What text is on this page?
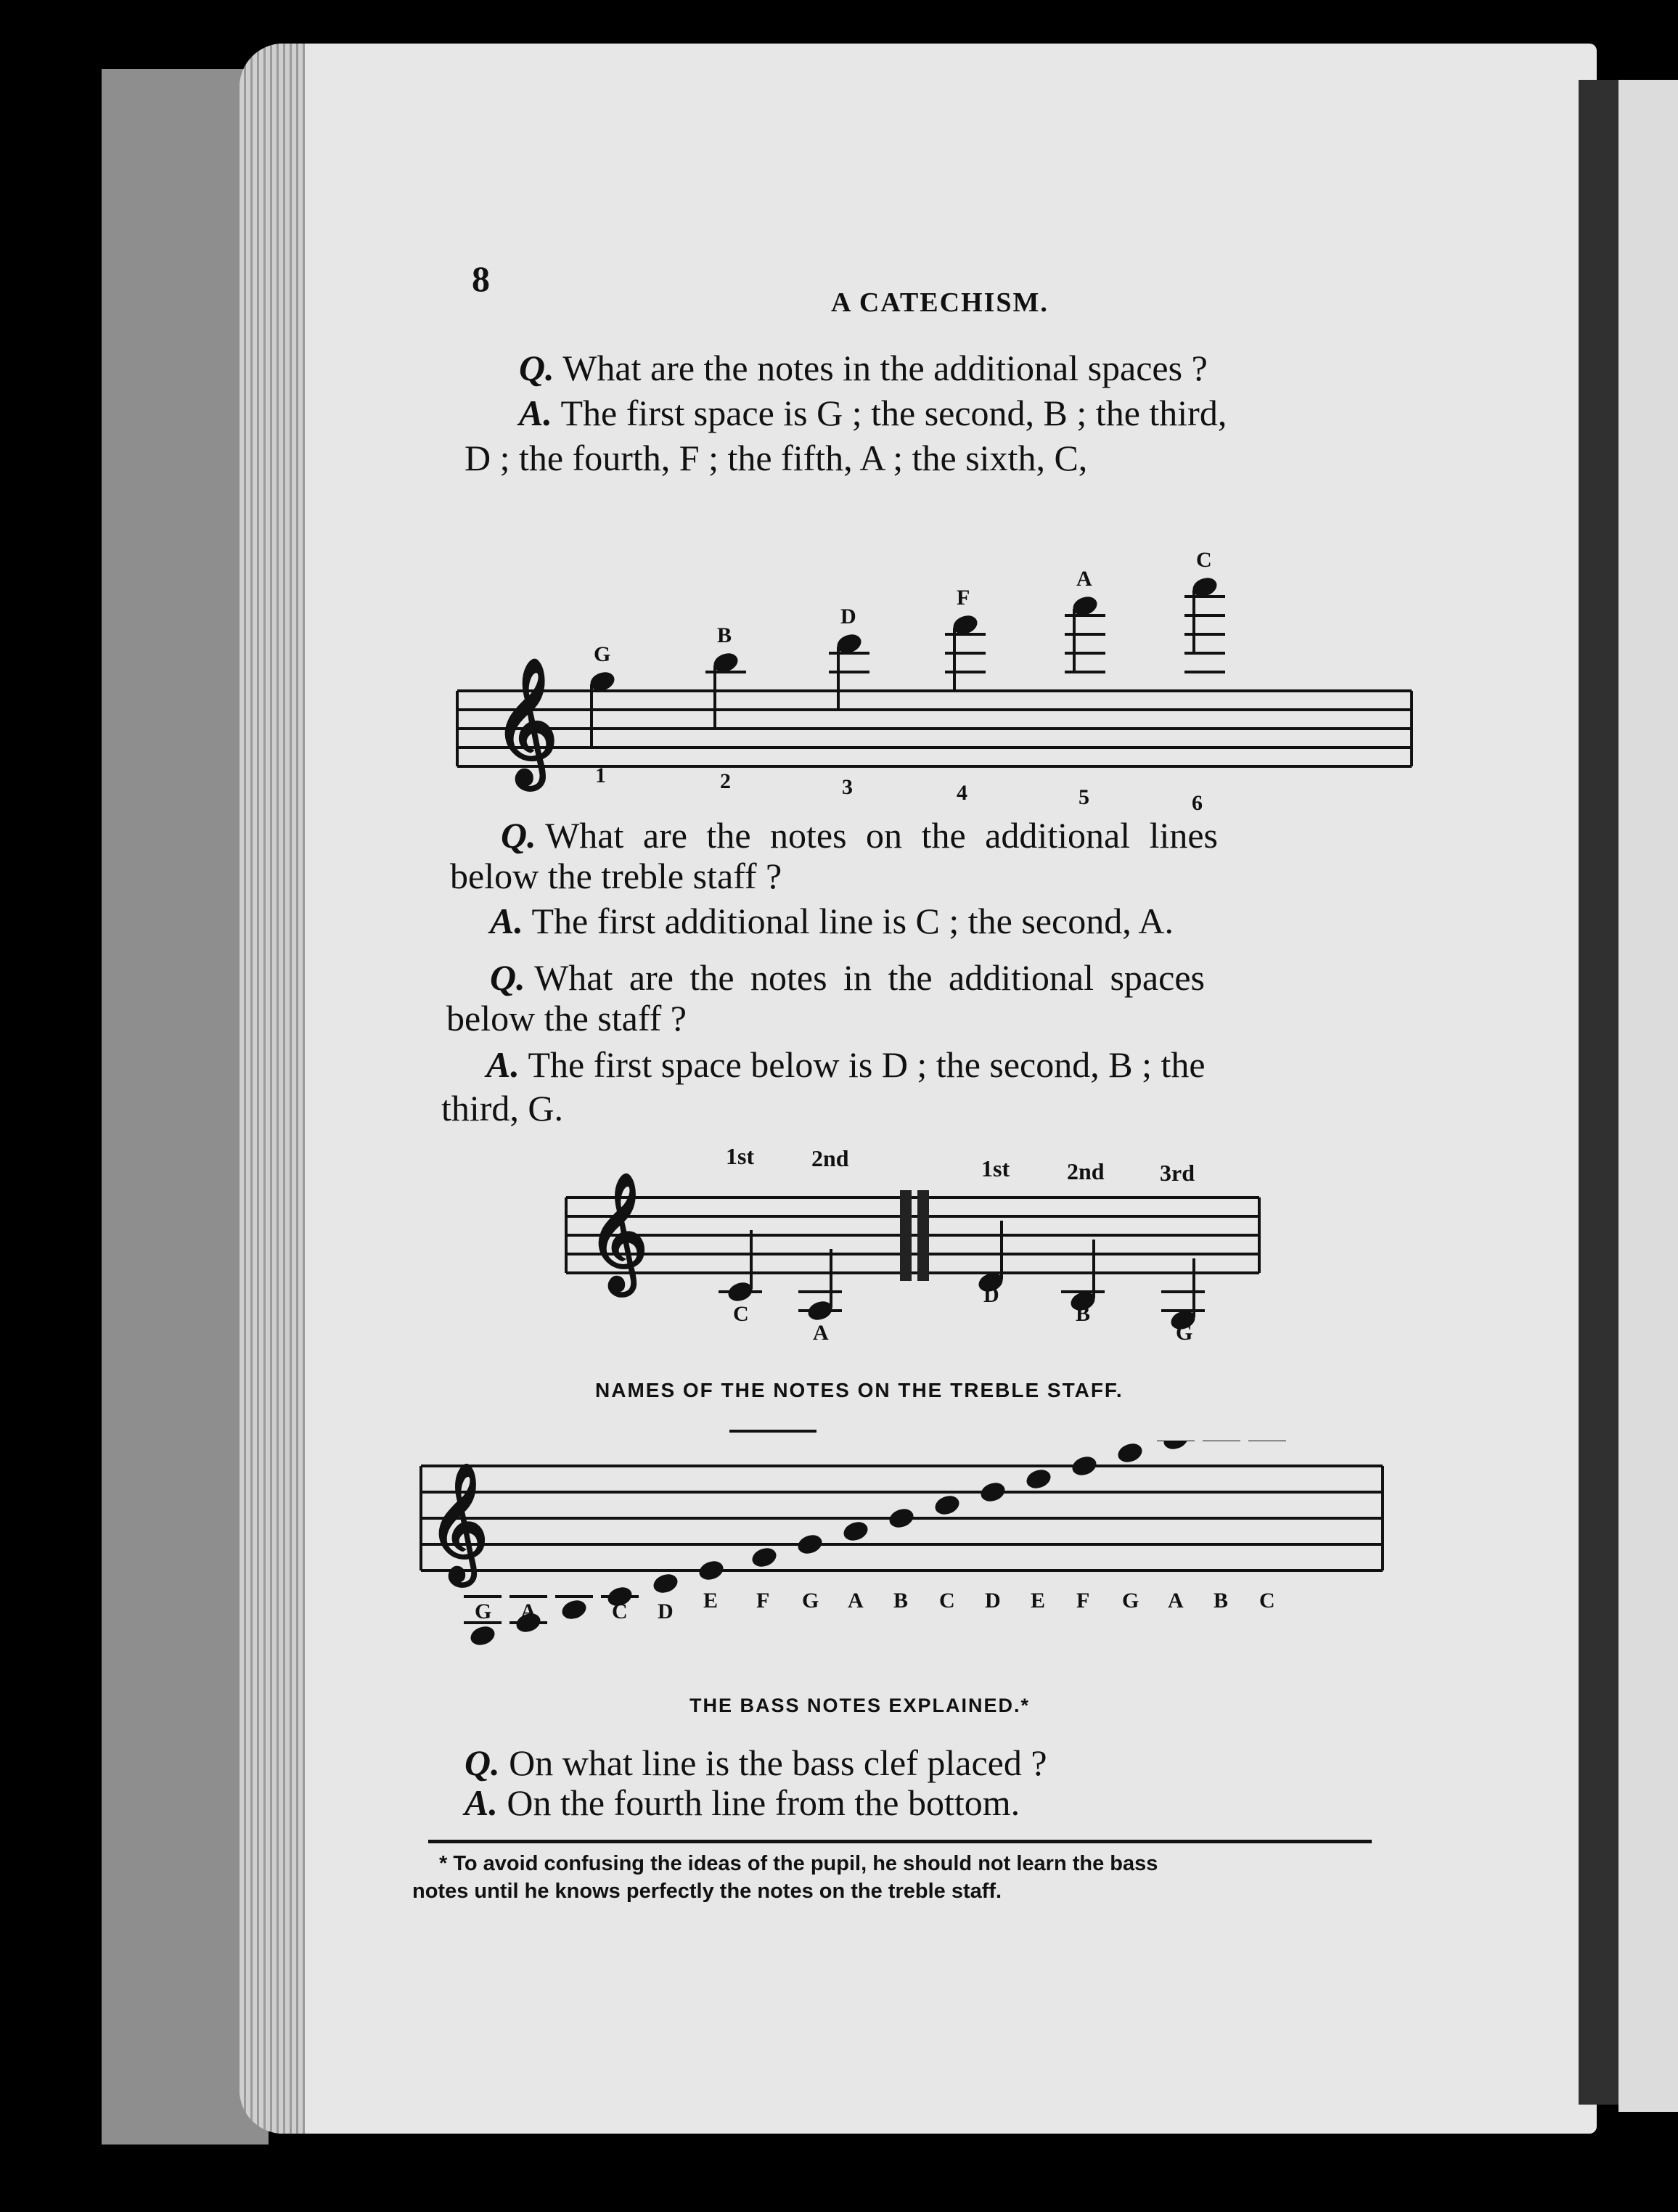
8
A CATECHISM.
Q. What are the notes in the additional spaces ?
A. The first space is G ; the second, B ; the third,
D ; the fourth, F ; the fifth, A ; the sixth, C,
𝄞
G
B
D
F
A
C
1	2	3	4	5	6
Q. What are the notes on the additional lines
below the treble staff ?
A. The first additional line is C ; the second, A.
Q. What are the notes in the additional spaces
below the staff ?
A. The first space below is D ; the second, B ; the
third, G.
𝄞
C
A
D
B
G
1st 2nd	1st 2nd 3rd
NAMES OF THE NOTES ON THE TREBLE STAFF.
𝄞
G A B C D E F G A B C D E F G A B C
THE BASS NOTES EXPLAINED.*
Q. On what line is the bass clef placed ?
A. On the fourth line from the bottom.
* To avoid confusing the ideas of the pupil, he should not learn the bass
notes until he knows perfectly the notes on the treble staff.
